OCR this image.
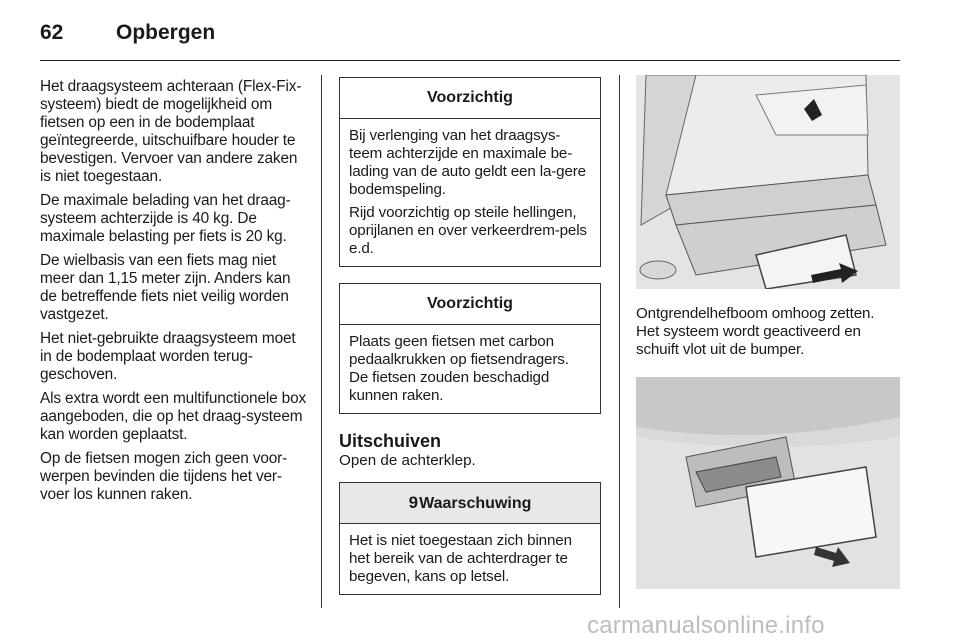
62	Opbergen

Het draagsysteem achteraan (Flex-Fix-systeem) biedt de mogelijkheid om fietsen op een in de bodemplaat geïntegreerde, uitschuifbare houder te bevestigen. Vervoer van andere zaken is niet toegestaan.

De maximale belading van het draag-systeem achterzijde is 40 kg. De maximale belasting per fiets is 20 kg.

De wielbasis van een fiets mag niet meer dan 1,15 meter zijn. Anders kan de betreffende fiets niet veilig worden vastgezet.

Het niet-gebruikte draagsysteem moet in de bodemplaat worden terug-geschoven.

Als extra wordt een multifunctionele box aangeboden, die op het draag-systeem kan worden geplaatst.

Op de fietsen mogen zich geen voor-werpen bevinden die tijdens het ver-voer los kunnen raken.

Voorzichtig

Bij verlenging van het draagsys-teem achterzijde en maximale be-lading van de auto geldt een la-gere bodemspeling.

Rijd voorzichtig op steile hellingen, oprijlanen en over verkeerdrem-pels e.d.

Voorzichtig

Plaats geen fietsen met carbon pedaalkrukken op fietsendragers. De fietsen zouden beschadigd kunnen raken.

Uitschuiven

Open de achterklep.

9Waarschuwing

Het is niet toegestaan zich binnen het bereik van de achterdrager te begeven, kans op letsel.

Ontgrendelhefboom omhoog zetten. Het systeem wordt geactiveerd en schuift vlot uit de bumper.

carmanualsonline.info
